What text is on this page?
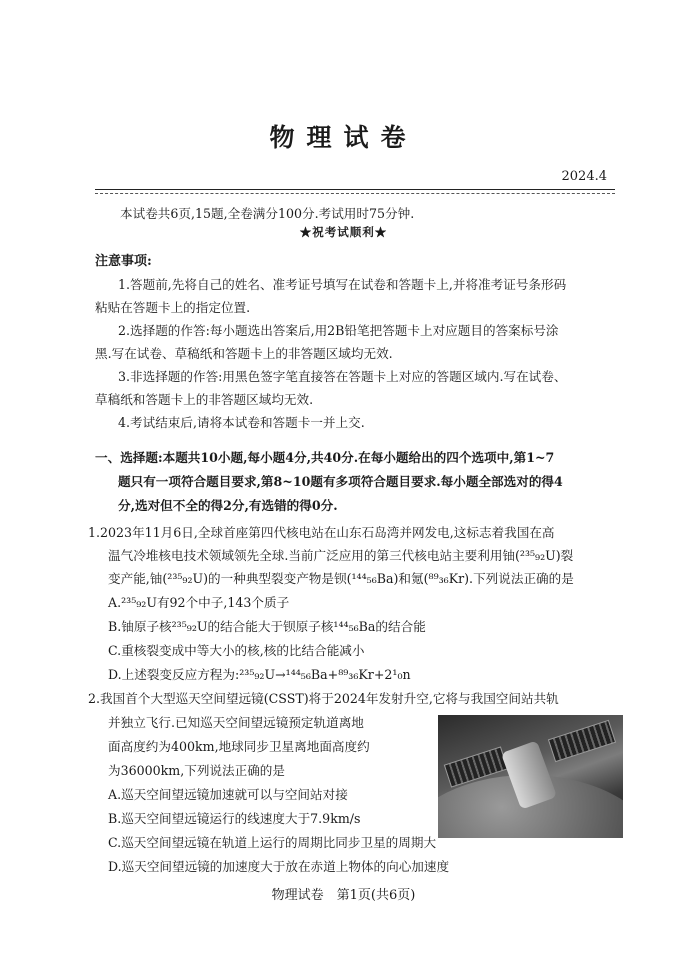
物理试卷
2024.4
本试卷共6页,15题,全卷满分100分.考试用时75分钟.
★祝考试顺利★
注意事项:
1.答题前,先将自己的姓名、准考证号填写在试卷和答题卡上,并将准考证号条形码
粘贴在答题卡上的指定位置.
2.选择题的作答:每小题选出答案后,用2B铅笔把答题卡上对应题目的答案标号涂
黑.写在试卷、草稿纸和答题卡上的非答题区域均无效.
3.非选择题的作答:用黑色签字笔直接答在答题卡上对应的答题区域内.写在试卷、
草稿纸和答题卡上的非答题区域均无效.
4.考试结束后,请将本试卷和答题卡一并上交.
一、选择题:本题共10小题,每小题4分,共40分.在每小题给出的四个选项中,第1~7
题只有一项符合题目要求,第8~10题有多项符合题目要求.每小题全部选对的得4
分,选对但不全的得2分,有选错的得0分.
1.2023年11月6日,全球首座第四代核电站在山东石岛湾并网发电,这标志着我国在高
温气冷堆核电技术领域领先全球.当前广泛应用的第三代核电站主要利用铀(²³⁵₉₂U)裂
变产能,铀(²³⁵₉₂U)的一种典型裂变产物是钡(¹⁴⁴₅₆Ba)和氪(⁸⁹₃₆Kr).下列说法正确的是
A.²³⁵₉₂U有92个中子,143个质子
B.铀原子核²³⁵₉₂U的结合能大于钡原子核¹⁴⁴₅₆Ba的结合能
C.重核裂变成中等大小的核,核的比结合能减小
D.上述裂变反应方程为:²³⁵₉₂U→¹⁴⁴₅₆Ba+⁸⁹₃₆Kr+2¹₀n
2.我国首个大型巡天空间望远镜(CSST)将于2024年发射升空,它将与我国空间站共轨
并独立飞行.已知巡天空间望远镜预定轨道离地
面高度约为400km,地球同步卫星离地面高度约
为36000km,下列说法正确的是
A.巡天空间望远镜加速就可以与空间站对接
B.巡天空间望远镜运行的线速度大于7.9km/s
C.巡天空间望远镜在轨道上运行的周期比同步卫星的周期大
D.巡天空间望远镜的加速度大于放在赤道上物体的向心加速度
物理试卷　第1页(共6页)
